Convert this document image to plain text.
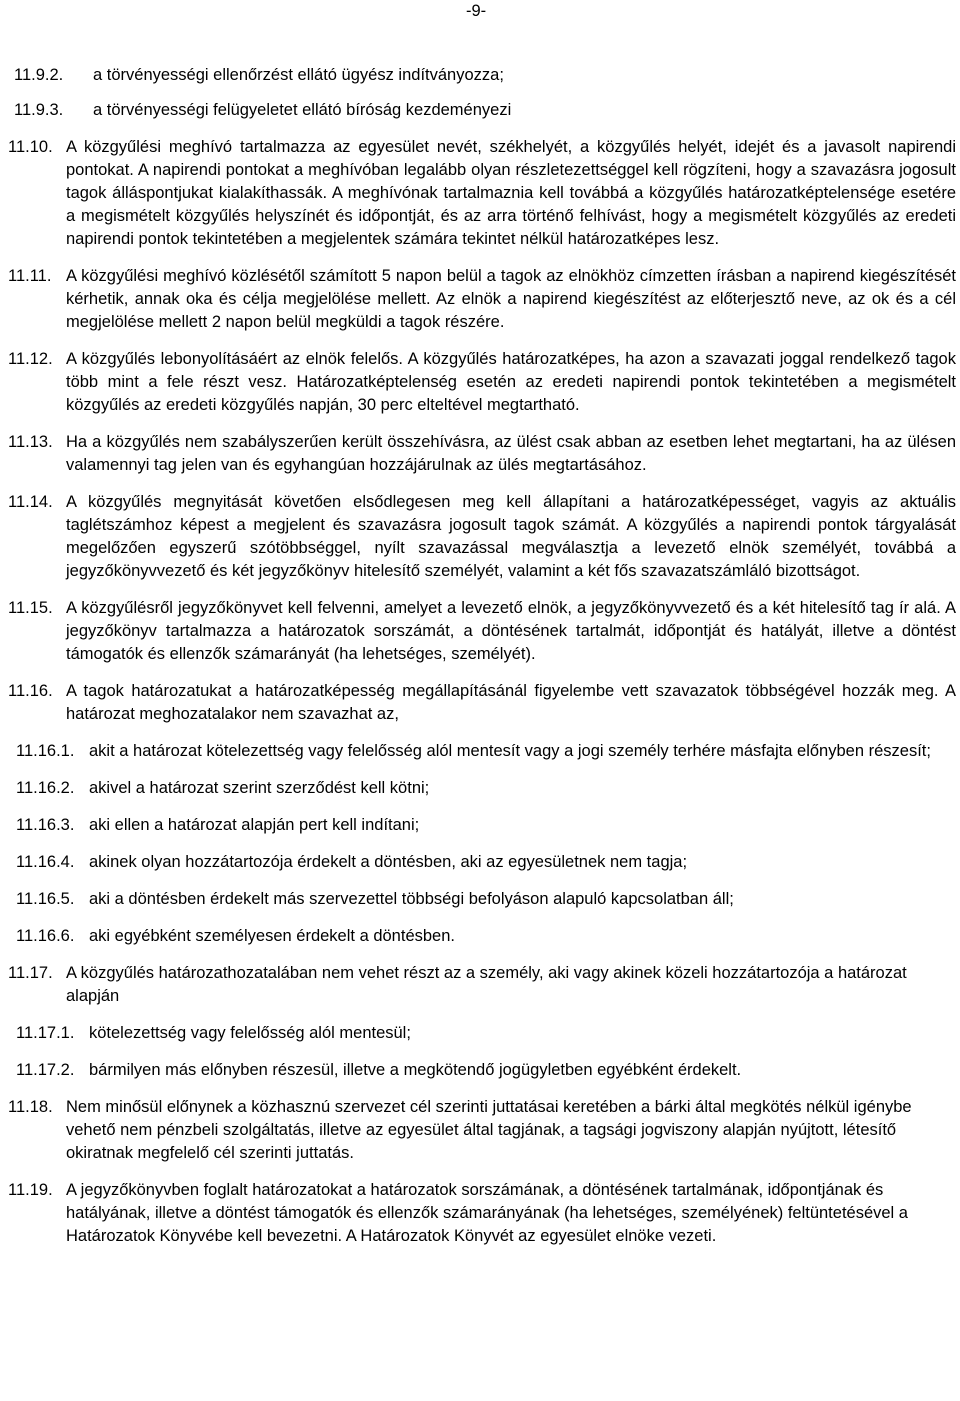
-9-
11.9.2. a törvényességi ellenőrzést ellátó ügyész indítványozza;
11.9.3. a törvényességi felügyeletet ellátó bíróság kezdeményezi
11.10. A közgyűlési meghívó tartalmazza az egyesület nevét, székhelyét, a közgyűlés helyét, idejét és a javasolt napirendi pontokat. A napirendi pontokat a meghívóban legalább olyan részletezettséggel kell rögzíteni, hogy a szavazásra jogosult tagok álláspontjukat kialakíthassák. A meghívónak tartalmaznia kell továbbá a közgyűlés határozatképtelensége esetére a megismételt közgyűlés helyszínét és időpontját, és az arra történő felhívást, hogy a megismételt közgyűlés az eredeti napirendi pontok tekintetében a megjelentek számára tekintet nélkül határozatképes lesz.
11.11. A közgyűlési meghívó közlésétől számított 5 napon belül a tagok az elnökhöz címzetten írásban a napirend kiegészítését kérhetik, annak oka és célja megjelölése mellett. Az elnök a napirend kiegészítést az előterjesztő neve, az ok és a cél megjelölése mellett 2 napon belül megküldi a tagok részére.
11.12. A közgyűlés lebonyolításáért az elnök felelős. A közgyűlés határozatképes, ha azon a szavazati joggal rendelkező tagok több mint a fele részt vesz. Határozatképtelenség esetén az eredeti napirendi pontok tekintetében a megismételt közgyűlés az eredeti közgyűlés napján, 30 perc elteltével megtartható.
11.13. Ha a közgyűlés nem szabályszerűen került összehívásra, az ülést csak abban az esetben lehet megtartani, ha az ülésen valamennyi tag jelen van és egyhangúan hozzájárulnak az ülés megtartásához.
11.14. A közgyűlés megnyitását követően elsődlegesen meg kell állapítani a határozatképességet, vagyis az aktuális taglétszámhoz képest a megjelent és szavazásra jogosult tagok számát. A közgyűlés a napirendi pontok tárgyalását megelőzően egyszerű szótöbbséggel, nyílt szavazással megválasztja a levezető elnök személyét, továbbá a jegyzőkönyvvezető és két jegyzőkönyv hitelesítő személyét, valamint a két fős szavazatszámláló bizottságot.
11.15. A közgyűlésről jegyzőkönyvet kell felvenni, amelyet a levezető elnök, a jegyzőkönyvvezető és a két hitelesítő tag ír alá. A jegyzőkönyv tartalmazza a határozatok sorszámát, a döntésének tartalmát, időpontját és hatályát, illetve a döntést támogatók és ellenzők számarányát (ha lehetséges, személyét).
11.16. A tagok határozatukat a határozatképesség megállapításánál figyelembe vett szavazatok többségével hozzák meg. A határozat meghozatalakor nem szavazhat az,
11.16.1. akit a határozat kötelezettség vagy felelősség alól mentesít vagy a jogi személy terhére másfajta előnyben részesít;
11.16.2. akivel a határozat szerint szerződést kell kötni;
11.16.3. aki ellen a határozat alapján pert kell indítani;
11.16.4. akinek olyan hozzátartozója érdekelt a döntésben, aki az egyesületnek nem tagja;
11.16.5. aki a döntésben érdekelt más szervezettel többségi befolyáson alapuló kapcsolatban áll;
11.16.6. aki egyébként személyesen érdekelt a döntésben.
11.17. A közgyűlés határozathozatalában nem vehet részt az a személy, aki vagy akinek közeli hozzátartozója a határozat alapján
11.17.1. kötelezettség vagy felelősség alól mentesül;
11.17.2. bármilyen más előnyben részesül, illetve a megkötendő jogügyletben egyébként érdekelt.
11.18. Nem minősül előnynek a közhasznú szervezet cél szerinti juttatásai keretében a bárki által megkötés nélkül igénybe vehető nem pénzbeli szolgáltatás, illetve az egyesület által tagjának, a tagsági jogviszony alapján nyújtott, létesítő okiratnak megfelelő cél szerinti juttatás.
11.19. A jegyzőkönyvben foglalt határozatokat a határozatok sorszámának, a döntésének tartalmának, időpontjának és hatályának, illetve a döntést támogatók és ellenzők számarányának (ha lehetséges, személyének) feltüntetésével a Határozatok Könyvébe kell bevezetni. A Határozatok Könyvét az egyesület elnöke vezeti.
